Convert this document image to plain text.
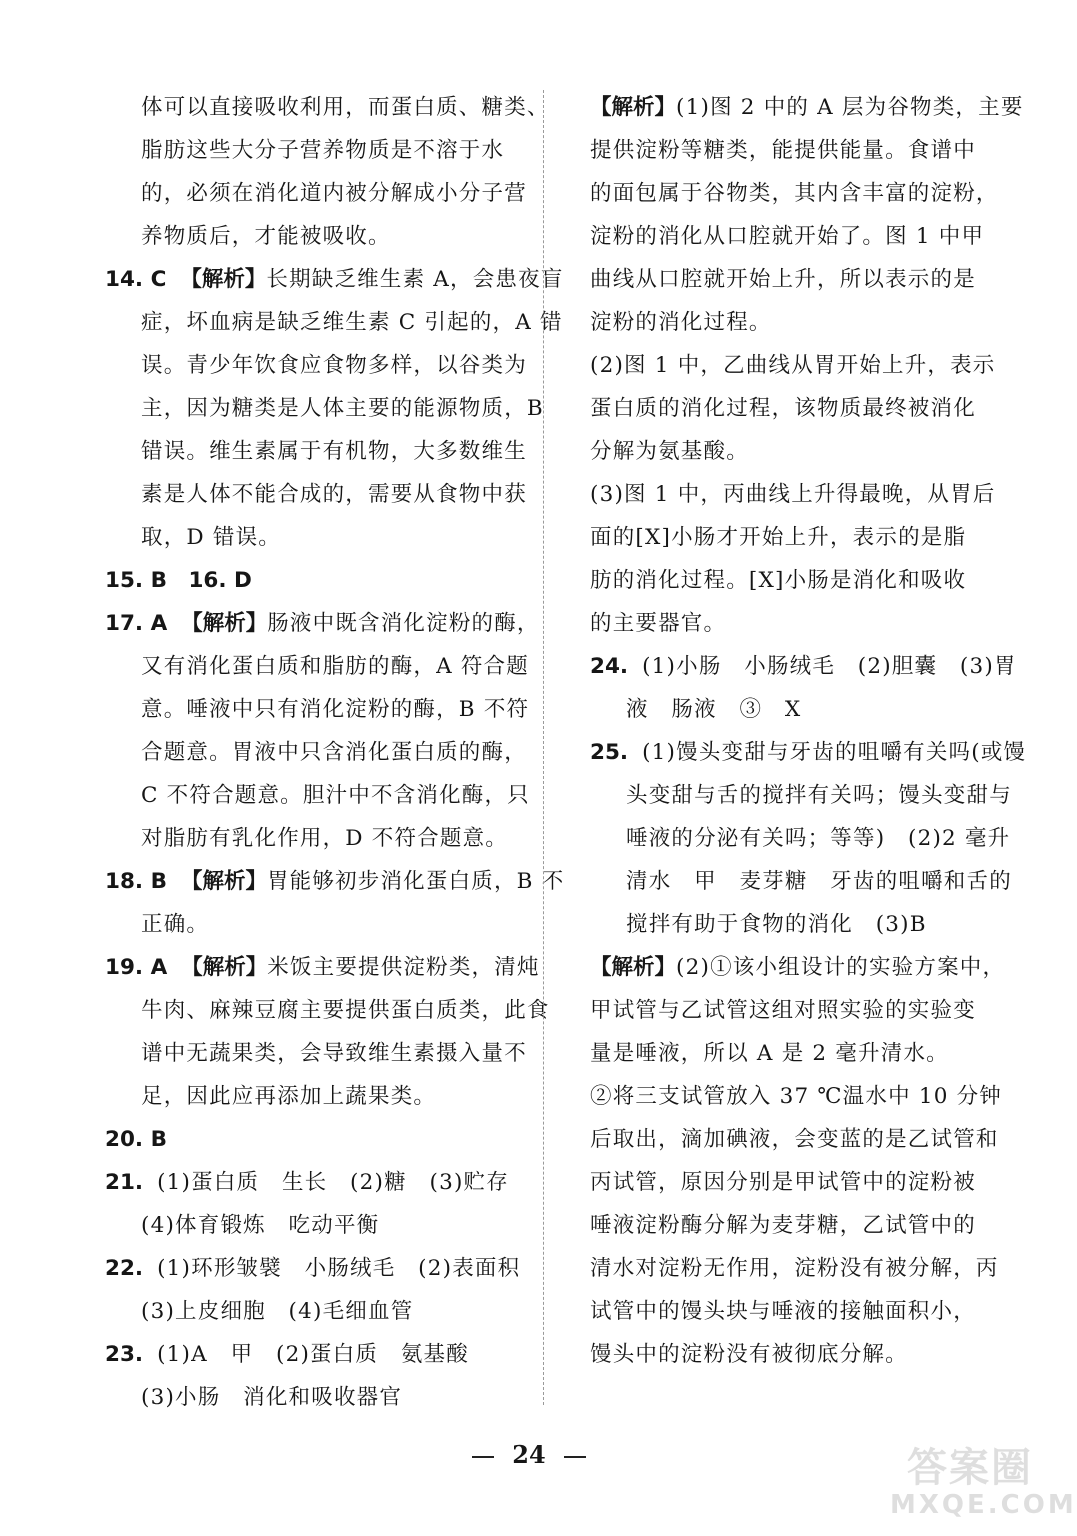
体可以直接吸收利用，而蛋白质、糖类、
脂肪这些大分子营养物质是不溶于水
的，必须在消化道内被分解成小分子营
养物质后，才能被吸收。
14. C 【解析】长期缺乏维生素 A，会患夜盲
症，坏血病是缺乏维生素 C 引起的，A 错
误。青少年饮食应食物多样，以谷类为
主，因为糖类是人体主要的能源物质，B
错误。维生素属于有机物，大多数维生
素是人体不能合成的，需要从食物中获
取，D 错误。
15. B　16. D
17. A 【解析】肠液中既含消化淀粉的酶，
又有消化蛋白质和脂肪的酶，A 符合题
意。唾液中只有消化淀粉的酶，B 不符
合题意。胃液中只含消化蛋白质的酶，
C 不符合题意。胆汁中不含消化酶，只
对脂肪有乳化作用，D 不符合题意。
18. B 【解析】胃能够初步消化蛋白质，B 不
正确。
19. A 【解析】米饭主要提供淀粉类，清炖
牛肉、麻辣豆腐主要提供蛋白质类，此食
谱中无蔬果类，会导致维生素摄入量不
足，因此应再添加上蔬果类。
20. B
21. (1)蛋白质　生长　(2)糖　(3)贮存
(4)体育锻炼　吃动平衡
22. (1)环形皱襞　小肠绒毛　(2)表面积
(3)上皮细胞　(4)毛细血管
23. (1)A　甲　(2)蛋白质　氨基酸
(3)小肠　消化和吸收器官
【解析】(1)图 2 中的 A 层为谷物类，主要
提供淀粉等糖类，能提供能量。食谱中
的面包属于谷物类，其内含丰富的淀粉，
淀粉的消化从口腔就开始了。图 1 中甲
曲线从口腔就开始上升，所以表示的是
淀粉的消化过程。
(2)图 1 中，乙曲线从胃开始上升，表示
蛋白质的消化过程，该物质最终被消化
分解为氨基酸。
(3)图 1 中，丙曲线上升得最晚，从胃后
面的[X]小肠才开始上升，表示的是脂
肪的消化过程。[X]小肠是消化和吸收
的主要器官。
24. (1)小肠　小肠绒毛　(2)胆囊　(3)胃
液　肠液　③　X
25. (1)馒头变甜与牙齿的咀嚼有关吗(或馒
头变甜与舌的搅拌有关吗；馒头变甜与
唾液的分泌有关吗；等等)　(2)2 毫升
清水　甲　麦芽糖　牙齿的咀嚼和舌的
搅拌有助于食物的消化　(3)B
【解析】(2)①该小组设计的实验方案中，
甲试管与乙试管这组对照实验的实验变
量是唾液，所以 A 是 2 毫升清水。
②将三支试管放入 37 ℃温水中 10 分钟
后取出，滴加碘液，会变蓝的是乙试管和
丙试管，原因分别是甲试管中的淀粉被
唾液淀粉酶分解为麦芽糖，乙试管中的
清水对淀粉无作用，淀粉没有被分解，丙
试管中的馒头块与唾液的接触面积小，
馒头中的淀粉没有被彻底分解。
24	答案圈
MXQE.COM
